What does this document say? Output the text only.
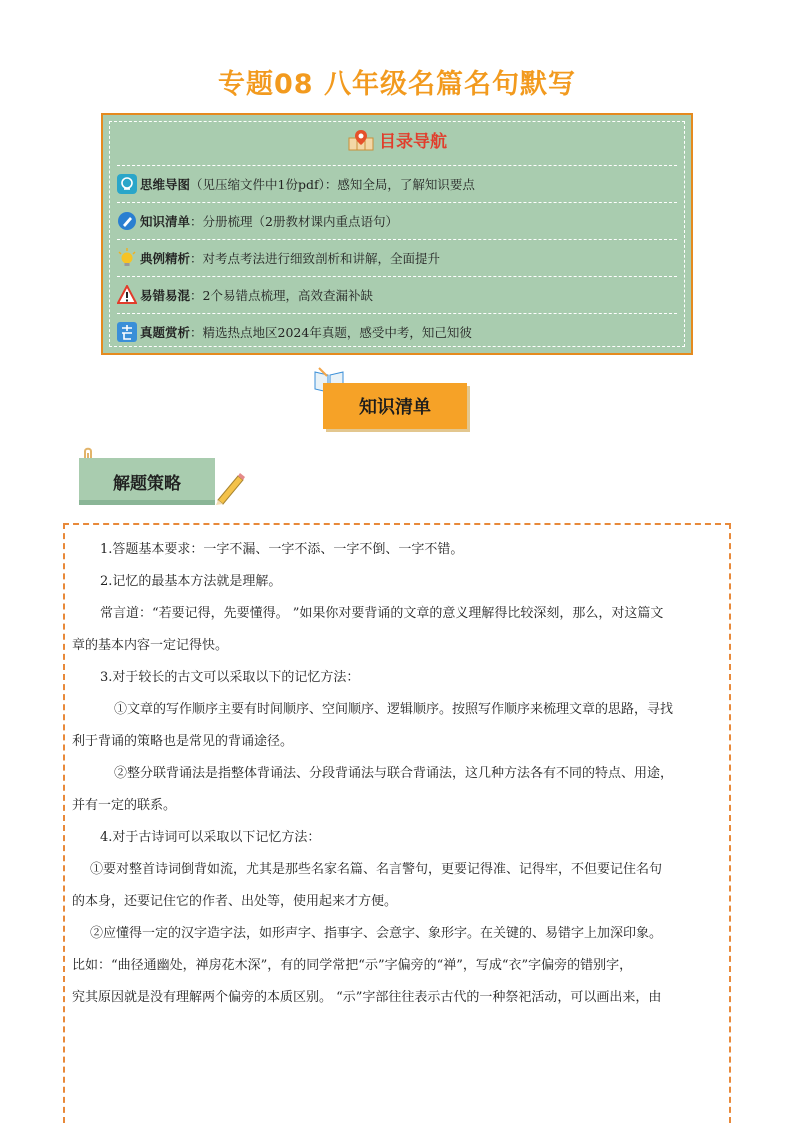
专题08 八年级名篇名句默写
目录导航
思维导图 （见压缩文件中1份pdf）：感知全局，了解知识要点
知识清单 ：分册梳理（2册教材课内重点语句）
典例精析 ：对考点考法进行细致剖析和讲解，全面提升
易错易混 ：2个易错点梳理，高效查漏补缺
真题赏析 ：精选热点地区2024年真题，感受中考，知己知彼
知识清单
解题策略

1.答题基本要求：一字不漏、一字不添、一字不倒、一字不错。

2.记忆的最基本方法就是理解。

常言道：“若要记得，先要懂得。 ”如果你对要背诵的文章的意义理解得比较深刻，那么，对这篇文

章的基本内容一定记得快。

3.对于较长的古文可以采取以下的记忆方法：

①文章的写作顺序主要有时间顺序、空间顺序、逻辑顺序。按照写作顺序来梳理文章的思路，寻找

利于背诵的策略也是常见的背诵途径。

②整分联背诵法是指整体背诵法、分段背诵法与联合背诵法，这几种方法各有不同的特点、用途，

并有一定的联系。

4.对于古诗词可以采取以下记忆方法：

①要对整首诗词倒背如流，尤其是那些名家名篇、名言警句，更要记得准、记得牢，不但要记住名句

的本身，还要记住它的作者、出处等，使用起来才方便。

②应懂得一定的汉字造字法，如形声字、指事字、会意字、象形字。在关键的、易错字上加深印象。

比如：“曲径通幽处，禅房花木深”，有的同学常把“示”字偏旁的“禅”，写成“衣”字偏旁的错别字，

究其原因就是没有理解两个偏旁的本质区别。 “示”字部往往表示古代的一种祭祀活动，可以画出来，由
